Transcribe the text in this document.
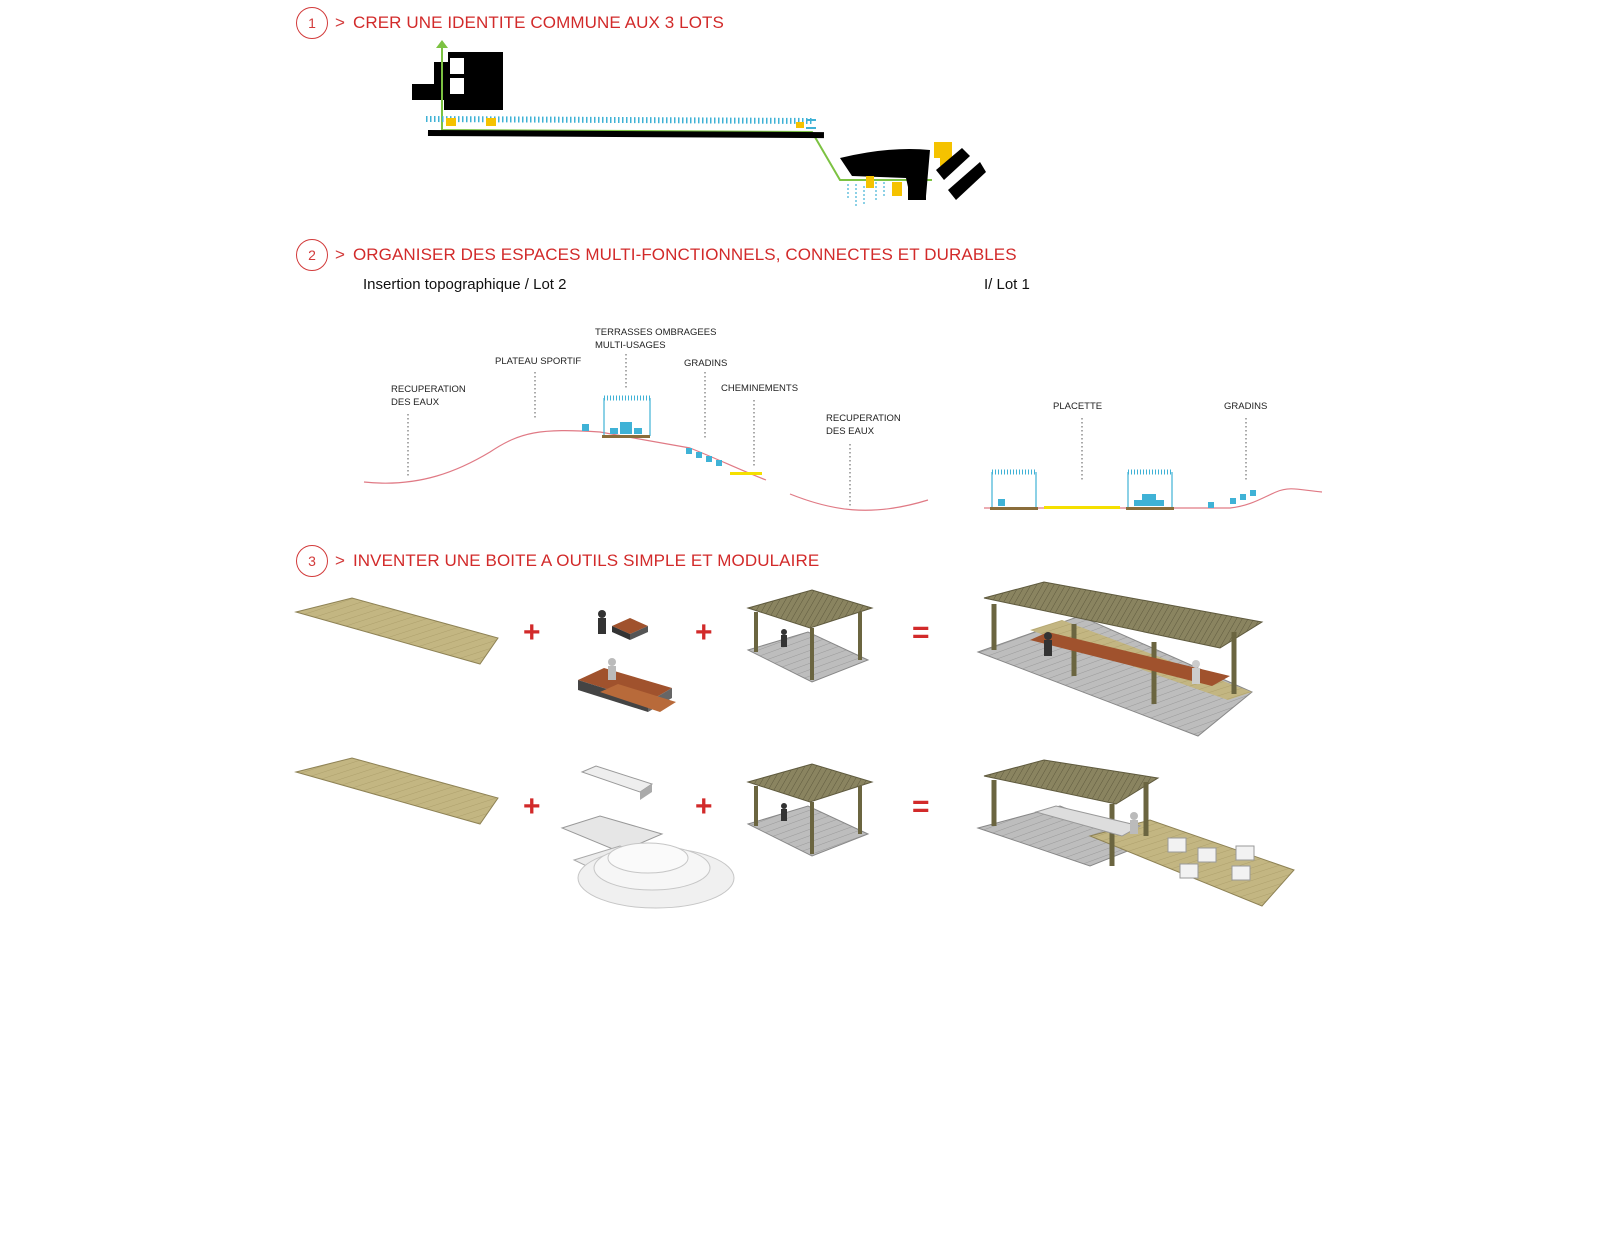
1	> CRER UNE IDENTITE COMMUNE AUX 3 LOTS
2	> ORGANISER DES ESPACES MULTI-FONCTIONNELS, CONNECTES ET DURABLES
3	> INVENTER UNE BOITE A OUTILS SIMPLE ET MODULAIRE
Insertion topographique / Lot 2	I/ Lot 1
RECUPERATION
DES EAUX
PLATEAU SPORTIF
TERRASSES OMBRAGEES
MULTI-USAGES
GRADINS
CHEMINEMENTS
RECUPERATION
DES EAUX
PLACETTE	GRADINS
+	+	=
+	+	=
